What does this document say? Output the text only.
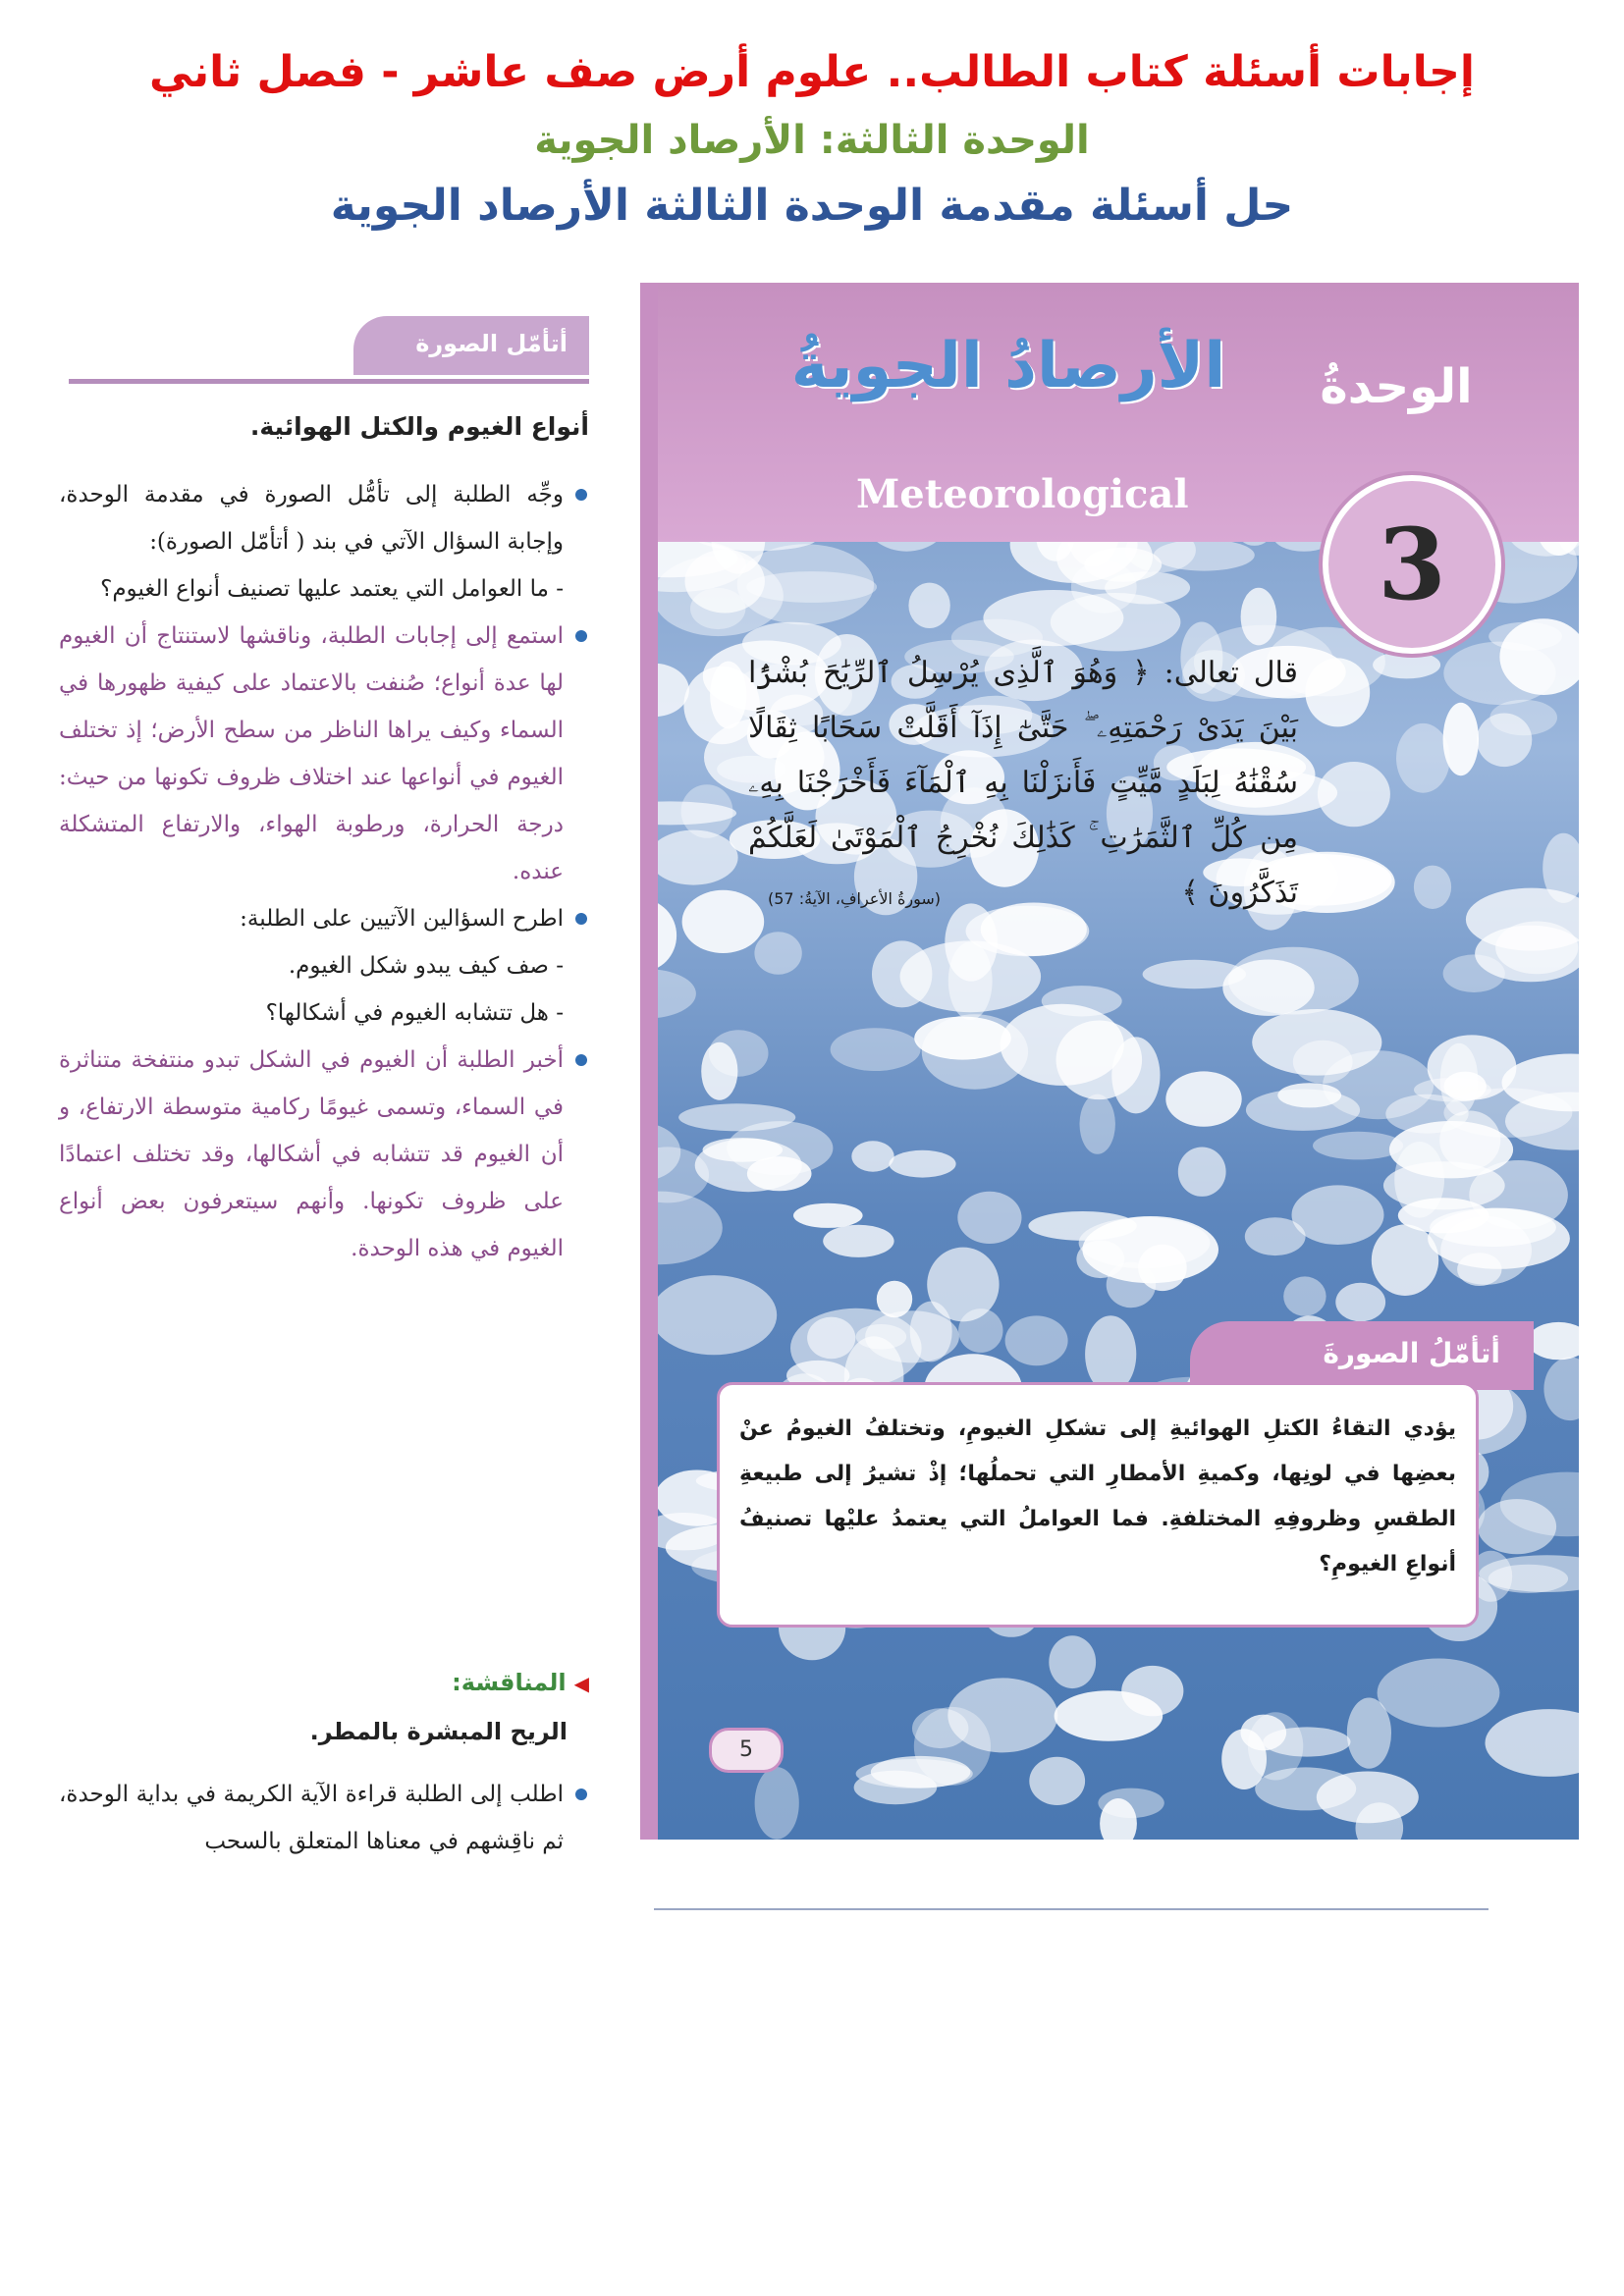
إجابات أسئلة كتاب الطالب.. علوم أرض صف عاشر - فصل ثاني
الوحدة الثالثة: الأرصاد الجوية
حل أسئلة مقدمة الوحدة الثالثة الأرصاد الجوية
أتأمّل الصورة
أنواع الغيوم والكتل الهوائية.
وجِّه الطلبة إلى تأمُّل الصورة في مقدمة الوحدة، وإجابة السؤال الآتي في بند ( أتأمّل الصورة):
- ما العوامل التي يعتمد عليها تصنيف أنواع الغيوم؟
استمع إلى إجابات الطلبة، وناقشها لاستنتاج أن الغيوم لها عدة أنواع؛ صُنفت بالاعتماد على كيفية ظهورها في السماء وكيف يراها الناظر من سطح الأرض؛ إذ تختلف الغيوم في أنواعها عند اختلاف ظروف تكونها من حيث: درجة الحرارة، ورطوبة الهواء، والارتفاع المتشكلة عنده.
اطرح السؤالين الآتيين على الطلبة:
- صف كيف يبدو شكل الغيوم.
- هل تتشابه الغيوم في أشكالها؟
أخبر الطلبة أن الغيوم في الشكل تبدو منتفخة متناثرة في السماء، وتسمى غيومًا ركامية متوسطة الارتفاع، و أن الغيوم قد تتشابه في أشكالها، وقد تختلف اعتمادًا على ظروف تكونها. وأنهم سيتعرفون بعض أنواع الغيوم في هذه الوحدة.
◀المناقشة:
الريح المبشرة بالمطر.
اطلب إلى الطلبة قراءة الآية الكريمة في بداية الوحدة، ثم ناقِشهم في معناها المتعلق بالسحب
الأرصادُ الجويةُ
Meteorological
الوحدةُ
3
قال تعالى: ﴿ وَهُوَ ٱلَّذِى يُرْسِلُ ٱلرِّيَٰحَ بُشْرًۢا بَيْنَ يَدَىْ رَحْمَتِهِۦ ۖ حَتَّىٰٓ إِذَآ أَقَلَّتْ سَحَابًا ثِقَالًا سُقْنَٰهُ لِبَلَدٍ مَّيِّتٍ فَأَنزَلْنَا بِهِ ٱلْمَآءَ فَأَخْرَجْنَا بِهِۦ مِن كُلِّ ٱلثَّمَرَٰتِ ۚ كَذَٰلِكَ نُخْرِجُ ٱلْمَوْتَىٰ لَعَلَّكُمْ تَذَكَّرُونَ ﴾
(سورةُ الأعرافِ، الآيةُ: 57)
أتأمّلُ الصورةَ
يؤدي التقاءُ الكتلِ الهوائيةِ إلى تشكلِ الغيومِ، وتختلفُ الغيومُ عنْ بعضِها في لونِها، وكميةِ الأمطارِ التي تحملُها؛ إذْ تشيرُ إلى طبيعةِ الطقسِ وظروفِهِ المختلفةِ. فما العواملُ التي يعتمدُ عليْها تصنيفُ أنواعِ الغيومِ؟
5
